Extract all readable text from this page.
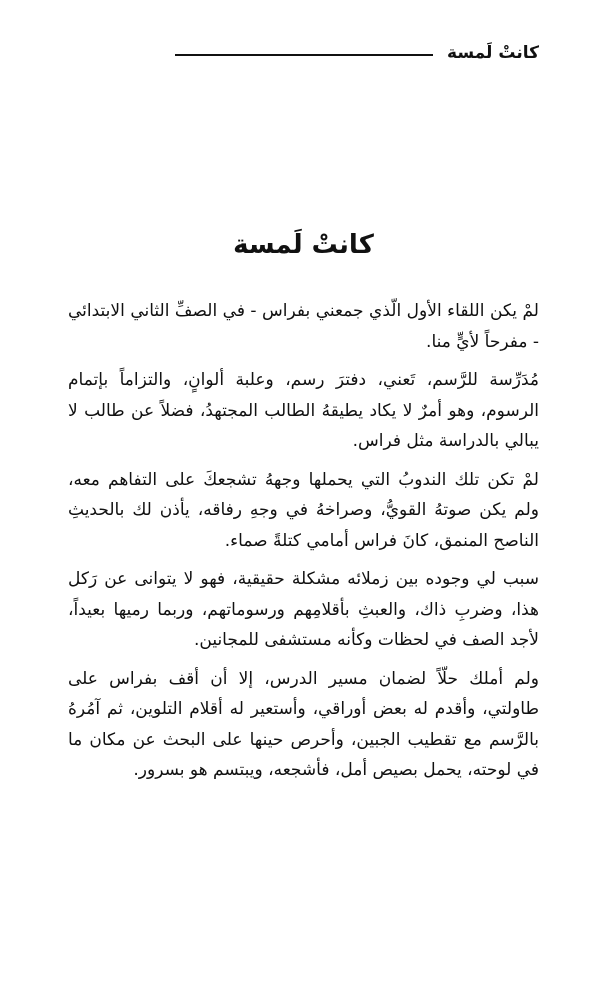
كانتْ لَمسة
كانتْ لَمسة

لمْ يكن اللقاء الأول الّذي جمعني بفراس - في الصفِّ الثاني الابتدائي - مفرحاً لأيٍّ منا.

مُدَرِّسة للرَّسم، تَعني، دفترَ رسم، وعلبة ألوانٍ، والتزاماً بإتمام الرسوم، وهو أمرٌ لا يكاد يطيقهُ الطالب المجتهدُ، فضلاً عن طالب لا يبالي بالدراسة مثل فراس.

لمْ تكن تلك الندوبُ التي يحملها وجههُ تشجعكَ على التفاهم معه، ولم يكن صوتهُ القويُّ، وصراخهُ في وجهِ رفاقه، يأذن لك بالحديثِ الناصح المنمق، كانَ فراس أمامي كتلةً صماء.

سبب لي وجوده بين زملائه مشكلة حقيقية، فهو لا يتوانى عن رَكل هذا، وضربِ ذاك، والعبثِ بأقلامِهم ورسوماتهم، وربما رميها بعيداً، لأجد الصف في لحظات وكأنه مستشفى للمجانين.

ولم أملك حلّاً لضمان مسير الدرس، إلا أن أقف بفراس على طاولتي، وأقدم له بعض أوراقي، وأستعير له أقلام التلوين، ثم آمُرهُ بالرَّسم مع تقطيب الجبين، وأحرص حينها على البحث عن مكان ما في لوحته، يحمل بصيص أمل، فأشجعه، ويبتسم هو بسرور.
